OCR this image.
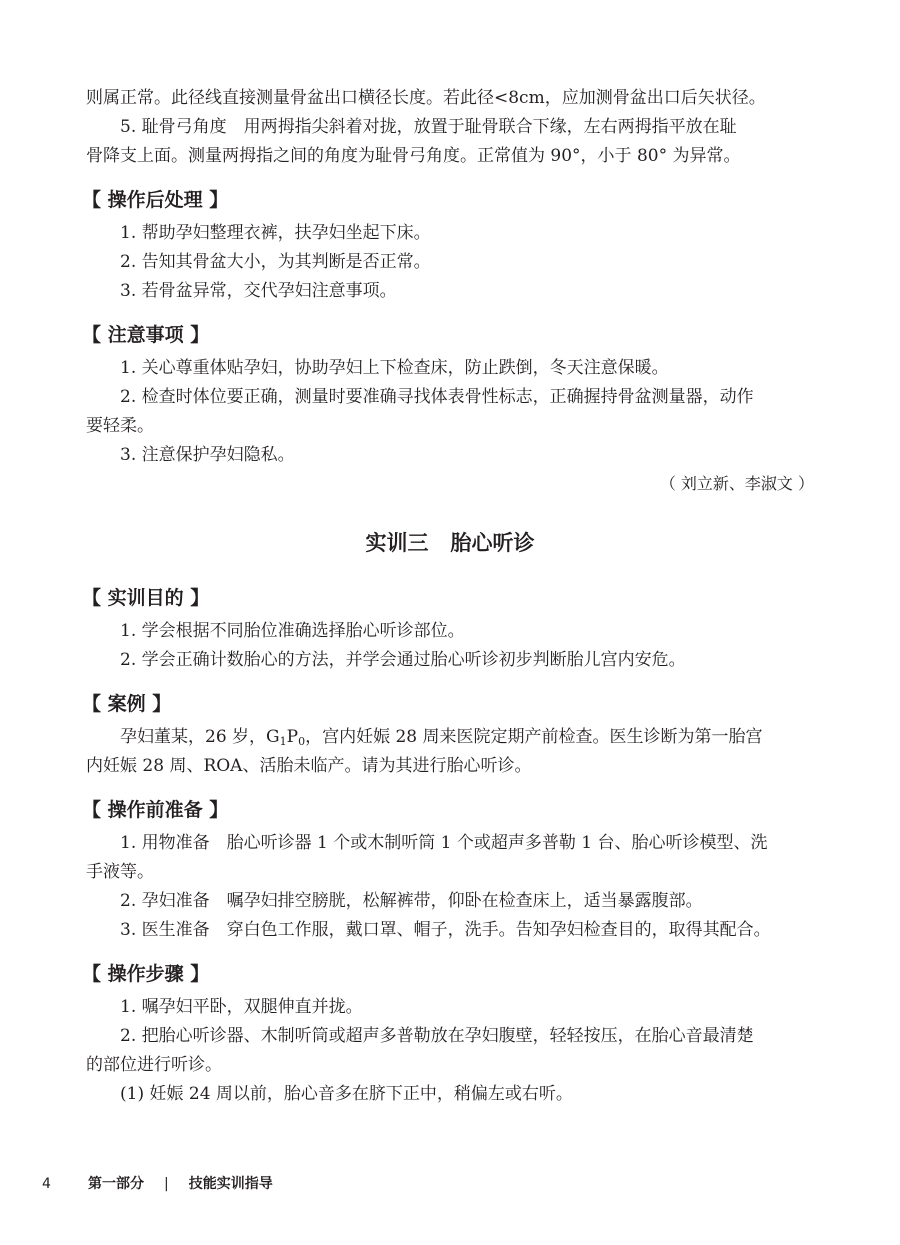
则属正常。此径线直接测量骨盆出口横径长度。若此径<8cm，应加测骨盆出口后矢状径。
5. 耻骨弓角度　用两拇指尖斜着对拢，放置于耻骨联合下缘，左右两拇指平放在耻
骨降支上面。测量两拇指之间的角度为耻骨弓角度。正常值为 90°，小于 80° 为异常。
【 操作后处理 】
1. 帮助孕妇整理衣裤，扶孕妇坐起下床。
2. 告知其骨盆大小，为其判断是否正常。
3. 若骨盆异常，交代孕妇注意事项。
【 注意事项 】
1. 关心尊重体贴孕妇，协助孕妇上下检查床，防止跌倒，冬天注意保暖。
2. 检查时体位要正确，测量时要准确寻找体表骨性标志，正确握持骨盆测量器，动作
要轻柔。
3. 注意保护孕妇隐私。
（ 刘立新、李淑文 ）
实训三 胎心听诊
【 实训目的 】
1. 学会根据不同胎位准确选择胎心听诊部位。
2. 学会正确计数胎心的方法，并学会通过胎心听诊初步判断胎儿宫内安危。
【 案例 】
孕妇董某，26 岁，$G_1P_0$，宫内妊娠 28 周来医院定期产前检查。医生诊断为第一胎宫
内妊娠 28 周、ROA、活胎未临产。请为其进行胎心听诊。
【 操作前准备 】
1. 用物准备　胎心听诊器 1 个或木制听筒 1 个或超声多普勒 1 台、胎心听诊模型、洗
手液等。
2. 孕妇准备　嘱孕妇排空膀胱，松解裤带，仰卧在检查床上，适当暴露腹部。
3. 医生准备　穿白色工作服，戴口罩、帽子，洗手。告知孕妇检查目的，取得其配合。
【 操作步骤 】
1. 嘱孕妇平卧，双腿伸直并拢。
2. 把胎心听诊器、木制听筒或超声多普勒放在孕妇腹壁，轻轻按压，在胎心音最清楚
的部位进行听诊。
(1) 妊娠 24 周以前，胎心音多在脐下正中，稍偏左或右听。
4	第一部分 | 技能实训指导
